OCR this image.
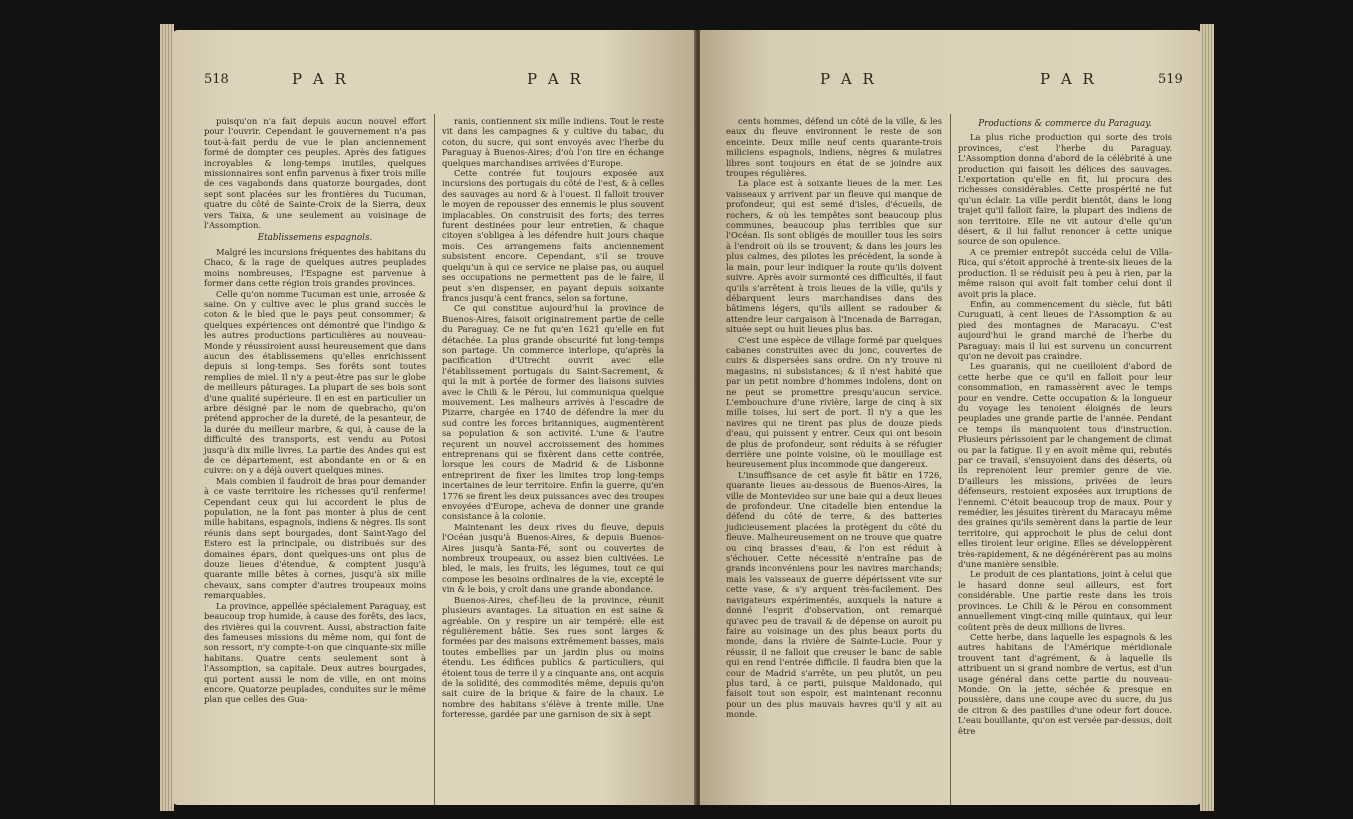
518	P A R	P A R

puisqu'on n'a fait depuis aucun nouvel effort pour l'ouvrir. Cependant le gouvernement n'a pas tout-à-fait perdu de vue le plan anciennement formé de dompter ces peuples. Après des fatigues incroyables & long-temps inutiles, quelques missionnaires sont enfin parvenus à fixer trois mille de ces vagabonds dans quatorze bourgades, dont sept sont placées sur les frontières du Tucuman, quatre du côté de Sainte-Croix de la Sierra, deux vers Taixa, & une seulement au voisinage de l'Assomption.

Etablissemens espagnols.

Malgré les incursions fréquentes des habitans du Chaco, & la rage de quelques autres peuplades moins nombreuses, l'Espagne est parvenue à former dans cette région trois grandes provinces.

Celle qu'on nomme Tucuman est unie, arrosée & saine. On y cultive avec le plus grand succès le coton & le bled que le pays peut consommer; & quelques expériences ont démontré que l'indigo & les autres productions particulières au nouveau-Monde y réussiroient aussi heureusement que dans aucun des établissemens qu'elles enrichissent depuis si long-temps. Ses forêts sont toutes remplies de miel. Il n'y a peut-être pas sur le globe de meilleurs pâturages. La plupart de ses bois sont d'une qualité supérieure. Il en est en particulier un arbre désigné par le nom de quebracho, qu'on prétend approcher de la dureté, de la pesanteur, de la durée du meilleur marbre, & qui, à cause de la difficulté des transports, est vendu au Potosi jusqu'à dix mille livres. La partie des Andes qui est de ce département, est abondante en or & en cuivre: on y a déjà ouvert quelques mines.

Mais combien il faudroit de bras pour demander à ce vaste territoire les richesses qu'il renferme! Cependant ceux qui lui accordent le plus de population, ne la font pas monter à plus de cent mille habitans, espagnols, indiens & nègres. Ils sont réunis dans sept bourgades, dont Saint-Yago del Estero est la principale, ou distribués sur des domaines épars, dont quelques-uns ont plus de douze lieues d'étendue, & comptent jusqu'à quarante mille bêtes à cornes, jusqu'à six mille chevaux, sans compter d'autres troupeaux moins remarquables.

La province, appellée spécialement Paraguay, est beaucoup trop humide, à cause des forêts, des lacs, des rivières qui la couvrent. Aussi, abstraction faite des fameuses missions du même nom, qui font de son ressort, n'y compte-t-on que cinquante-six mille habitans. Quatre cents seulement sont à l'Assomption, sa capitale. Deux autres bourgades, qui portent aussi le nom de ville, en ont moins encore. Quatorze peuplades, conduites sur le même plan que celles des Gua-

ranis, contiennent six mille indiens. Tout le reste vit dans les campagnes & y cultive du tabac, du coton, du sucre, qui sont envoyés avec l'herbe du Paraguay à Buenos-Aires; d'où l'on tire en échange quelques marchandises arrivées d'Europe.

Cette contrée fut toujours exposée aux incursions des portugais du côté de l'est, & à celles des sauvages au nord & à l'ouest. Il falloit trouver le moyen de repousser des ennemis le plus souvent implacables. On construisit des forts; des terres furent destinées pour leur entretien, & chaque citoyen s'obligea à les défendre huit jours chaque mois. Ces arrangemens faits anciennement subsistent encore. Cependant, s'il se trouve quelqu'un à qui ce service ne plaise pas, ou auquel ses occupations ne permettent pas de le faire, il peut s'en dispenser, en payant depuis soixante francs jusqu'à cent francs, selon sa fortune.

Ce qui constitue aujourd'hui la province de Buenos-Aires, faisoit originairement partie de celle du Paraguay. Ce ne fut qu'en 1621 qu'elle en fut détachée. La plus grande obscurité fut long-temps son partage. Un commerce interlope, qu'après la pacification d'Utrecht ouvrit avec elle l'établissement portugais du Saint-Sacrement, & qui la mit à portée de former des liaisons suivies avec le Chili & le Pérou, lui communiqua quelque mouvement. Les malheurs arrivés à l'escadre de Pizarre, chargée en 1740 de défendre la mer du sud contre les forces britanniques, augmentèrent sa population & son activité. L'une & l'autre reçurent un nouvel accroissement des hommes entreprenans qui se fixèrent dans cette contrée, lorsque les cours de Madrid & de Lisbonne entreprirent de fixer les limites trop long-temps incertaines de leur territoire. Enfin la guerre, qu'en 1776 se firent les deux puissances avec des troupes envoyées d'Europe, acheva de donner une grande consistance à la colonie.

Maintenant les deux rives du fleuve, depuis l'Océan jusqu'à Buenos-Aires, & depuis Buenos-Aires jusqu'à Santa-Fé, sont ou couvertes de nombreux troupeaux, ou assez bien cultivées. Le bled, le mais, les fruits, les légumes, tout ce qui compose les besoins ordinaires de la vie, excepté le vin & le bois, y croît dans une grande abondance.

Buenos-Aires, chef-lieu de la province, réunit plusieurs avantages. La situation en est saine & agréable. On y respire un air tempéré: elle est régulièrement bâtie. Ses rues sont larges & formées par des maisons extrêmement basses, mais toutes embellies par un jardin plus ou moins étendu. Les édifices publics & particuliers, qui étoient tous de terre il y a cinquante ans, ont acquis de la solidité, des commodités même, depuis qu'on sait cuire de la brique & faire de la chaux. Le nombre des habitans s'élève à trente mille. Une forteresse, gardée par une garnison de six à sept

P A R	P A R	519

cents hommes, défend un côté de la ville, & les eaux du fleuve environnent le reste de son enceinte. Deux mille neuf cents quarante-trois miliciens espagnols, indiens, nègres & mulatres libres sont toujours en état de se joindre aux troupes régulières.

La place est à soixante lieues de la mer. Les vaisseaux y arrivent par un fleuve qui manque de profondeur, qui est semé d'isles, d'écueils, de rochers, & où les tempêtes sont beaucoup plus communes, beaucoup plus terribles que sur l'Océan. Ils sont obligés de mouiller tous les soirs à l'endroit où ils se trouvent; & dans les jours les plus calmes, des pilotes les précèdent, la sonde à la main, pour leur indiquer la route qu'ils doivent suivre. Après avoir surmonté ces difficultés, il faut qu'ils s'arrêtent à trois lieues de la ville, qu'ils y débarquent leurs marchandises dans des bâtimens légers, qu'ils aillent se radouber & attendre leur cargaison à l'Incenada de Barragan, située sept ou huit lieues plus bas.

C'est une espèce de village formé par quelques cabanes construites avec du jonc, couvertes de cuirs & dispersées sans ordre. On n'y trouve ni magasins, ni subsistances; & il n'est habité que par un petit nombre d'hommes indolens, dont on ne peut se promettre presqu'aucun service. L'embouchure d'une rivière, large de cinq à six mille toises, lui sert de port. Il n'y a que les navires qui ne tirent pas plus de douze pieds d'eau, qui puissent y entrer. Ceux qui ont besoin de plus de profondeur, sont réduits à se réfugier derrière une pointe voisine, où le mouillage est heureusement plus incommode que dangereux.

L'insuffisance de cet asyle fit bâtir en 1726, quarante lieues au-dessous de Buenos-Aires, la ville de Montevideo sur une baie qui a deux lieues de profondeur. Une citadelle bien entendue la défend du côté de terre, & des batteries judicieusement placées la protègent du côté du fleuve. Malheureusement on ne trouve que quatre ou cinq brasses d'eau, & l'on est réduit à s'échouer. Cette nécessité n'entraîne pas de grands inconvéniens pour les navires marchands; mais les vaisseaux de guerre dépérissent vite sur cette vase, & s'y arquent très-facilement. Des navigateurs expérimentés, auxquels la nature a donné l'esprit d'observation, ont remarqué qu'avec peu de travail & de dépense on auroit pu faire au voisinage un des plus beaux ports du monde, dans la rivière de Sainte-Lucie. Pour y réussir, il ne falloit que creuser le banc de sable qui en rend l'entrée difficile. Il faudra bien que la cour de Madrid s'arrête, un peu plutôt, un peu plus tard, à ce parti, puisque Maldonado, qui faisoit tout son espoir, est maintenant reconnu pour un des plus mauvais havres qu'il y ait au monde.

Productions & commerce du Paraguay.

La plus riche production qui sorte des trois provinces, c'est l'herbe du Paraguay. L'Assomption donna d'abord de la célébrité à une production qui faisoit les délices des sauvages. L'exportation qu'elle en fit, lui procura des richesses considérables. Cette prospérité ne fut qu'un éclair. La ville perdit bientôt, dans le long trajet qu'il falloit faire, la plupart des indiens de son territoire. Elle ne vit autour d'elle qu'un désert, & il lui fallut renoncer à cette unique source de son opulence.

A ce premier entrepôt succéda celui de Villa-Rica, qui s'étoit approché à trente-six lieues de la production. Il se réduisit peu à peu à rien, par la même raison qui avoit fait tomber celui dont il avoit pris la place.

Enfin, au commencement du siècle, fut bâti Curuguati, à cent lieues de l'Assomption & au pied des montagnes de Maracayu. C'est aujourd'hui le grand marché de l'herbe du Paraguay: mais il lui est survenu un concurrent qu'on ne devoit pas craindre.

Les guaranis, qui ne cueilloient d'abord de cette herbe que ce qu'il en falloit pour leur consommation, en ramassèrent avec le temps pour en vendre. Cette occupation & la longueur du voyage les tenoient éloignés de leurs peuplades une grande partie de l'année. Pendant ce temps ils manquoient tous d'instruction. Plusieurs périssoient par le changement de climat ou par la fatigue. Il y en avoit même qui, rebutés par ce travail, s'ensuyoient dans des déserts, où ils reprenoient leur premier genre de vie. D'ailleurs les missions, privées de leurs défenseurs, restoient exposées aux irruptions de l'ennemi. C'étoit beaucoup trop de maux. Pour y remédier, les jésuites tirèrent du Maracayu même des graines qu'ils semèrent dans la partie de leur territoire, qui approchoit le plus de celui dont elles tiroient leur origine. Elles se développèrent très-rapidement, & ne dégénérèrent pas au moins d'une manière sensible.

Le produit de ces plantations, joint à celui que le hasard donne seul ailleurs, est fort considérable. Une partie reste dans les trois provinces. Le Chili & le Pérou en consomment annuellement vingt-cinq mille quintaux, qui leur coûtent près de deux millions de livres.

Cette herbe, dans laquelle les espagnols & les autres habitans de l'Amérique méridionale trouvent tant d'agrément, & à laquelle ils attribuent un si grand nombre de vertus, est d'un usage général dans cette partie du nouveau-Monde. On la jette, séchée & presque en poussière, dans une coupe avec du sucre, du jus de citron & des pastilles d'une odeur fort douce. L'eau bouillante, qu'on est versée par-dessus, doit être
